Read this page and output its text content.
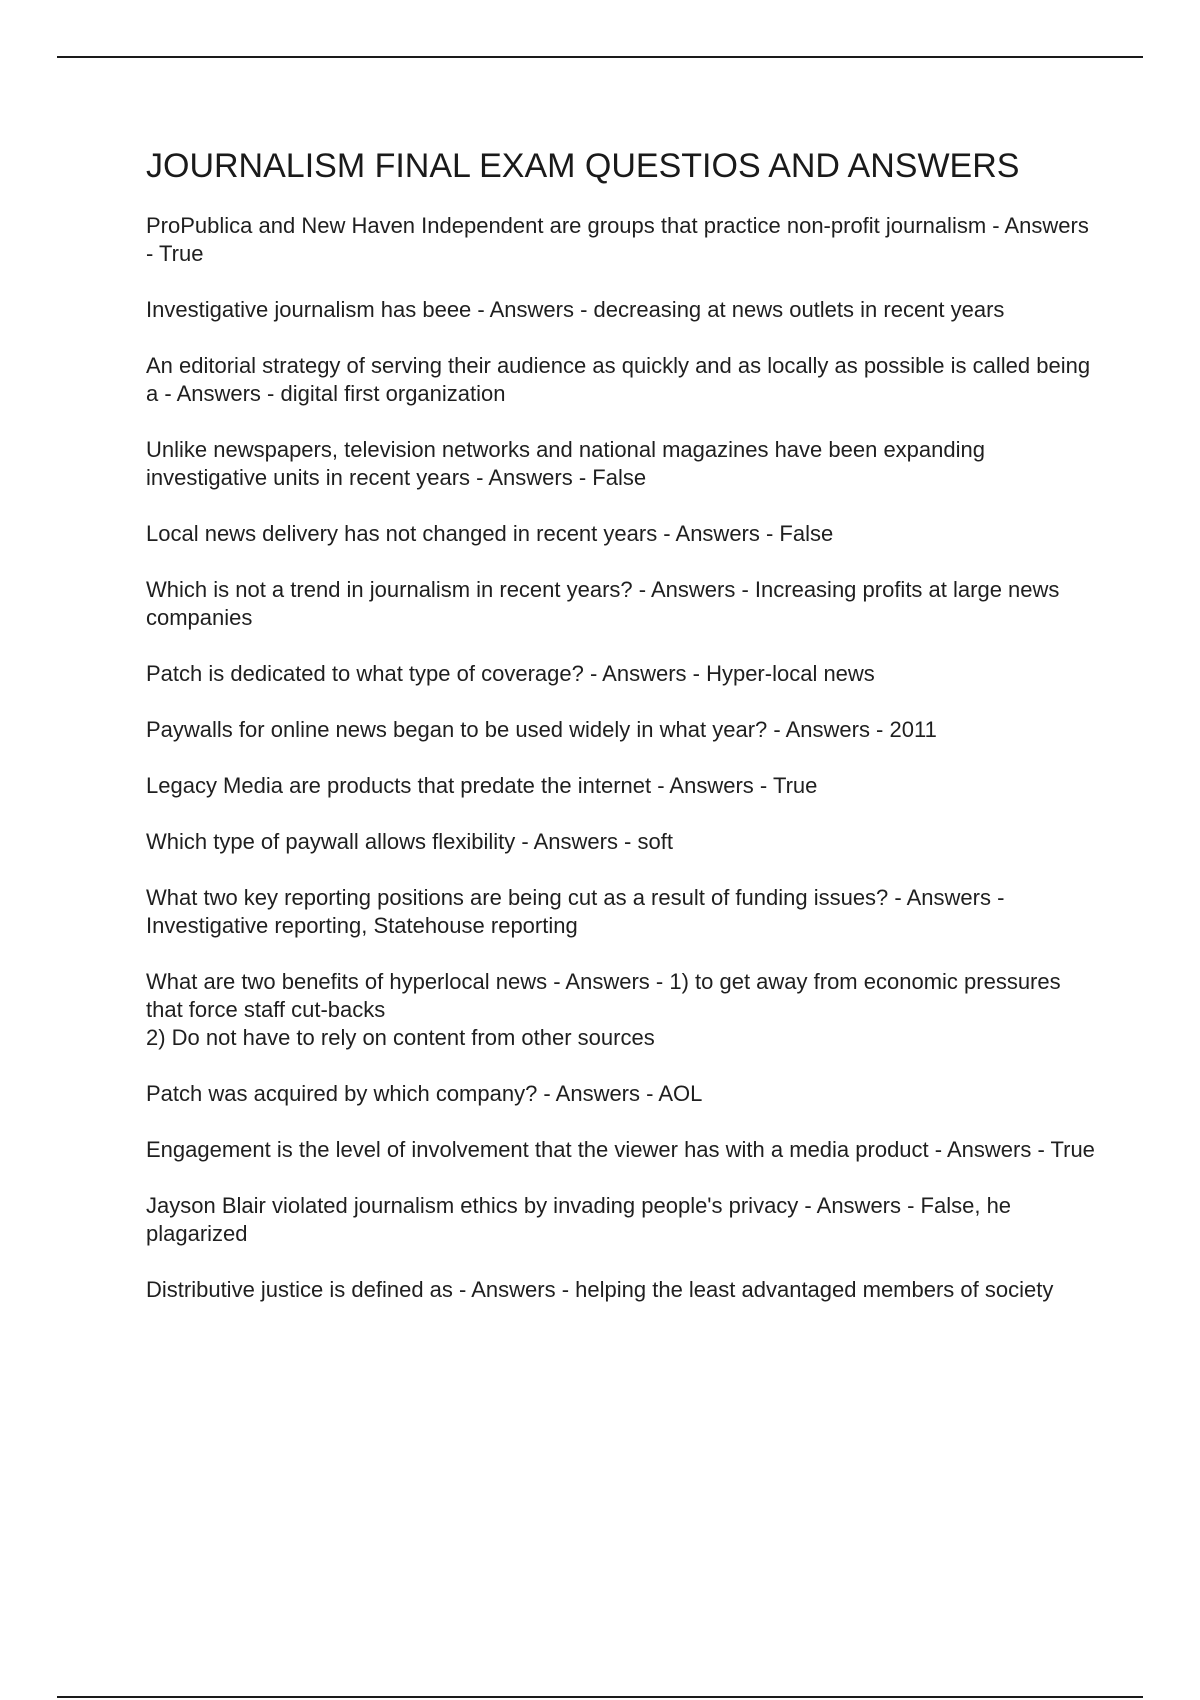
JOURNALISM FINAL EXAM QUESTIOS AND ANSWERS

ProPublica and New Haven Independent are groups that practice non-profit journalism - Answers - True

Investigative journalism has beee - Answers - decreasing at news outlets in recent years

An editorial strategy of serving their audience as quickly and as locally as possible is called being a - Answers - digital first organization

Unlike newspapers, television networks and national magazines have been expanding investigative units in recent years - Answers - False

Local news delivery has not changed in recent years - Answers - False

Which is not a trend in journalism in recent years? - Answers - Increasing profits at large news companies

Patch is dedicated to what type of coverage? - Answers - Hyper-local news

Paywalls for online news began to be used widely in what year? - Answers - 2011

Legacy Media are products that predate the internet - Answers - True

Which type of paywall allows flexibility - Answers - soft

What two key reporting positions are being cut as a result of funding issues? - Answers - Investigative reporting, Statehouse reporting

What are two benefits of hyperlocal news - Answers - 1) to get away from economic pressures that force staff cut-backs
2) Do not have to rely on content from other sources

Patch was acquired by which company? - Answers - AOL

Engagement is the level of involvement that the viewer has with a media product - Answers - True

Jayson Blair violated journalism ethics by invading people's privacy - Answers - False, he plagarized

Distributive justice is defined as - Answers - helping the least advantaged members of society
